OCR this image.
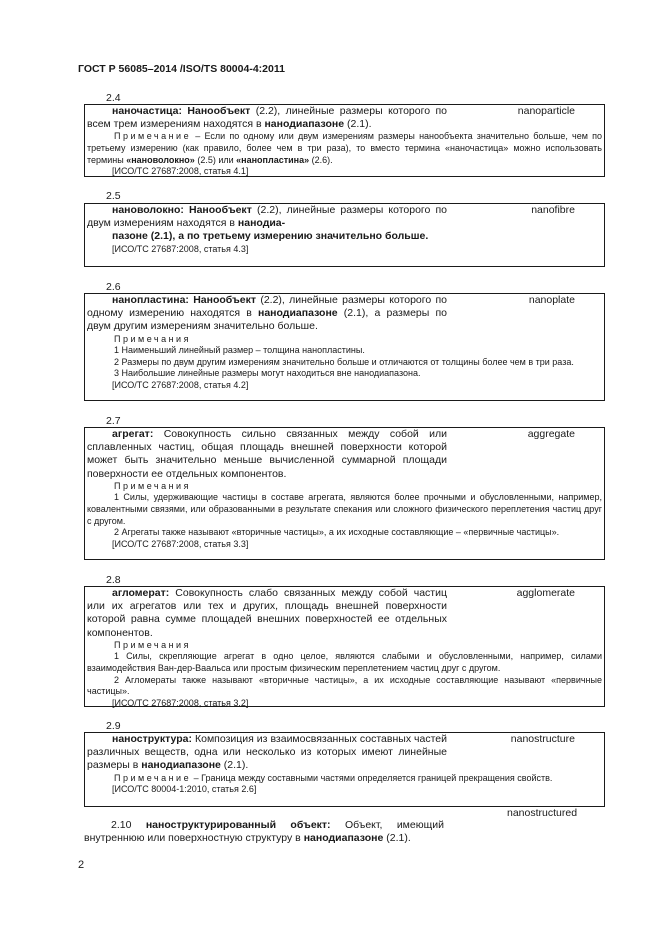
ГОСТ Р 56085–2014 /ISO/TS 80004-4:2011
2.4
наночастица: Нанообъект (2.2), линейные размеры которого по всем трем измерениям находятся в нанодиапазоне (2.1).
nanoparticle
Примечание – Если по одному или двум измерениям размеры нанообъекта значительно больше, чем по третьему измерению (как правило, более чем в три раза), то вместо термина «наночастица» можно использовать термины «нановолокно» (2.5) или «нанопластина» (2.6).
[ИСО/ТС 27687:2008, статья 4.1]
2.5
нановолокно: Нанообъект (2.2), линейные размеры которого по двум измерениям находятся в нанодиа-
пазоне (2.1), а по третьему измерению значительно больше.
nanofibre
[ИСО/ТС 27687:2008, статья 4.3]
2.6
нанопластина: Нанообъект (2.2), линейные размеры которого по одному измерению находятся в нанодиапазоне (2.1), а размеры по двум другим измерениям значительно больше.
nanoplate
Примечания
1 Наименьший линейный размер – толщина нанопластины.
2 Размеры по двум другим измерениям значительно больше и отличаются от толщины более чем в три раза.
3 Наибольшие линейные размеры могут находиться вне нанодиапазона.
[ИСО/ТС 27687:2008, статья 4.2]
2.7
агрегат: Совокупность сильно связанных между собой или сплавленных частиц, общая площадь внешней поверхности которой может быть значительно меньше вычисленной суммарной площади поверхности ее отдельных компонентов.
aggregate
Примечания
1 Силы, удерживающие частицы в составе агрегата, являются более прочными и обусловленными, например, ковалентными связями, или образованными в результате спекания или сложного физического переплетения частиц друг с другом.
2 Агрегаты также называют «вторичные частицы», а их исходные составляющие – «первичные частицы».
[ИСО/ТС 27687:2008, статья 3.3]
2.8
агломерат: Совокупность слабо связанных между собой частиц или их агрегатов или тех и других, площадь внешней поверхности которой равна сумме площадей внешних поверхностей ее отдельных компонентов.
agglomerate
Примечания
1 Силы, скрепляющие агрегат в одно целое, являются слабыми и обусловленными, например, силами взаимодействия Ван-дер-Ваальса или простым физическим переплетением частиц друг с другом.
2 Агломераты также называют «вторичные частицы», а их исходные составляющие называют «первичные частицы».
[ИСО/ТС 27687:2008, статья 3.2]
2.9
наноструктура: Композиция из взаимосвязанных составных частей различных веществ, одна или несколько из которых имеют линейные размеры в нанодиапазоне (2.1).
nanostructure
Примечание – Граница между составными частями определяется границей прекращения свойств.
[ИСО/ТС 80004-1:2010, статья 2.6]
nanostructured
2.10 наноструктурированный объект: Объект, имеющий внутреннюю или поверхностную структуру в нанодиапазоне (2.1).
2
